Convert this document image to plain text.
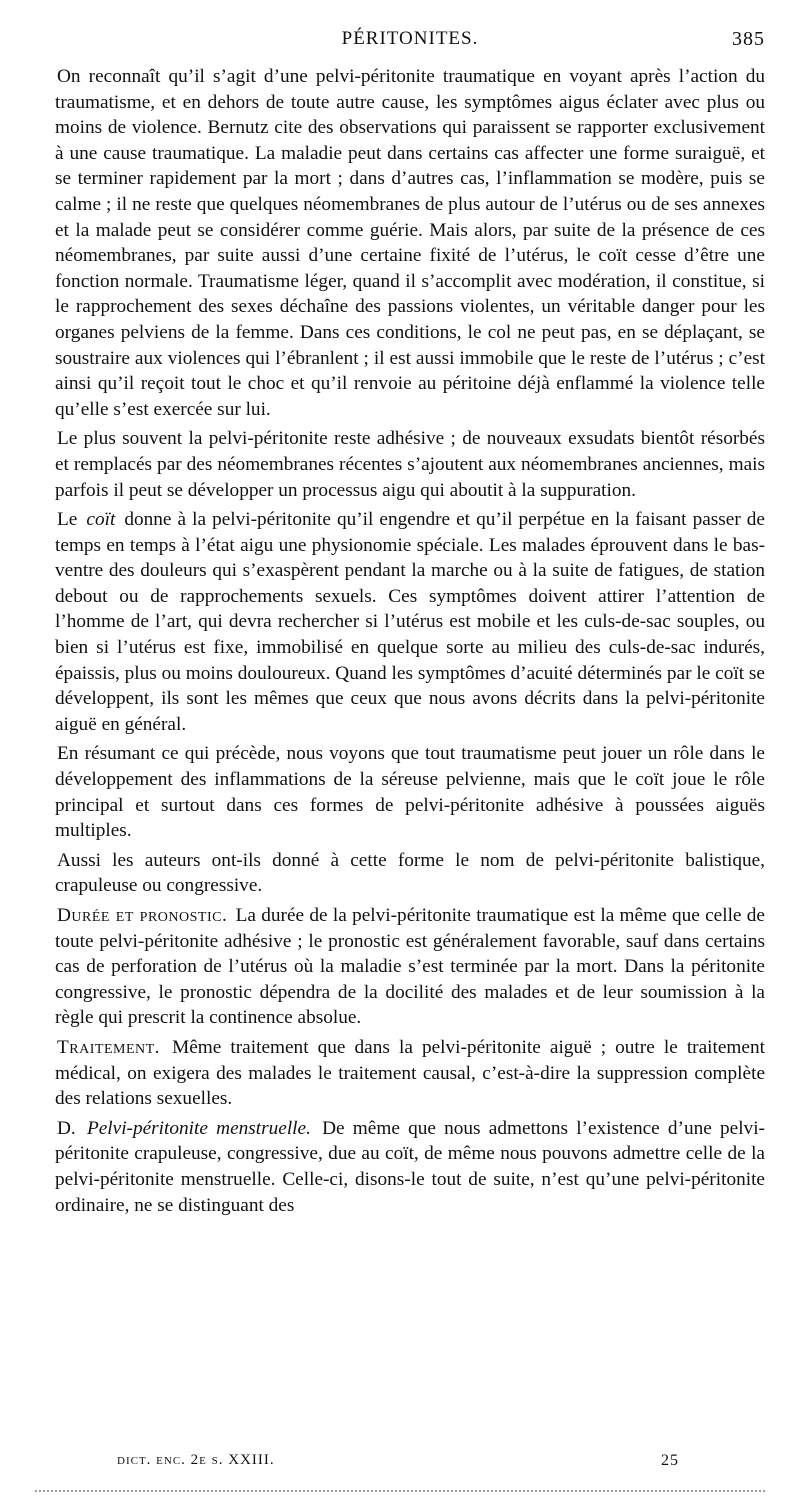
PÉRITONITES.	385

On reconnaît qu’il s’agit d’une pelvi-péritonite traumatique en voyant après l’action du traumatisme, et en dehors de toute autre cause, les symptômes aigus éclater avec plus ou moins de violence. Bernutz cite des observations qui paraissent se rapporter exclusivement à une cause traumatique. La maladie peut dans certains cas affecter une forme suraiguë, et se terminer rapidement par la mort ; dans d’autres cas, l’inflammation se modère, puis se calme ; il ne reste que quelques néomembranes de plus autour de l’utérus ou de ses annexes et la malade peut se considérer comme guérie. Mais alors, par suite de la présence de ces néomembranes, par suite aussi d’une certaine fixité de l’utérus, le coït cesse d’être une fonction normale. Traumatisme léger, quand il s’accomplit avec modération, il constitue, si le rapprochement des sexes déchaîne des passions violentes, un véritable danger pour les organes pelviens de la femme. Dans ces conditions, le col ne peut pas, en se déplaçant, se soustraire aux violences qui l’ébranlent ; il est aussi immobile que le reste de l’utérus ; c’est ainsi qu’il reçoit tout le choc et qu’il renvoie au péritoine déjà enflammé la violence telle qu’elle s’est exercée sur lui.

Le plus souvent la pelvi-péritonite reste adhésive ; de nouveaux exsudats bientôt résorbés et remplacés par des néomembranes récentes s’ajoutent aux néomembranes anciennes, mais parfois il peut se développer un processus aigu qui aboutit à la suppuration.

Le coït donne à la pelvi-péritonite qu’il engendre et qu’il perpétue en la faisant passer de temps en temps à l’état aigu une physionomie spéciale. Les malades éprouvent dans le bas-ventre des douleurs qui s’exaspèrent pendant la marche ou à la suite de fatigues, de station debout ou de rapprochements sexuels. Ces symptômes doivent attirer l’attention de l’homme de l’art, qui devra rechercher si l’utérus est mobile et les culs-de-sac souples, ou bien si l’utérus est fixe, immobilisé en quelque sorte au milieu des culs-de-sac indurés, épaissis, plus ou moins douloureux. Quand les symptômes d’acuité déterminés par le coït se développent, ils sont les mêmes que ceux que nous avons décrits dans la pelvi-péritonite aiguë en général.

En résumant ce qui précède, nous voyons que tout traumatisme peut jouer un rôle dans le développement des inflammations de la séreuse pelvienne, mais que le coït joue le rôle principal et surtout dans ces formes de pelvi-péritonite adhésive à poussées aiguës multiples.

Aussi les auteurs ont-ils donné à cette forme le nom de pelvi-péritonite balistique, crapuleuse ou congressive.

Durée et pronostic. La durée de la pelvi-péritonite traumatique est la même que celle de toute pelvi-péritonite adhésive ; le pronostic est généralement favorable, sauf dans certains cas de perforation de l’utérus où la maladie s’est terminée par la mort. Dans la péritonite congressive, le pronostic dépendra de la docilité des malades et de leur soumission à la règle qui prescrit la continence absolue.

Traitement. Même traitement que dans la pelvi-péritonite aiguë ; outre le traitement médical, on exigera des malades le traitement causal, c’est-à-dire la suppression complète des relations sexuelles.

D. Pelvi-péritonite menstruelle. De même que nous admettons l’existence d’une pelvi-péritonite crapuleuse, congressive, due au coït, de même nous pouvons admettre celle de la pelvi-péritonite menstruelle. Celle-ci, disons-le tout de suite, n’est qu’une pelvi-péritonite ordinaire, ne se distinguant des

dict. enc. 2e s. XXIII.	25
